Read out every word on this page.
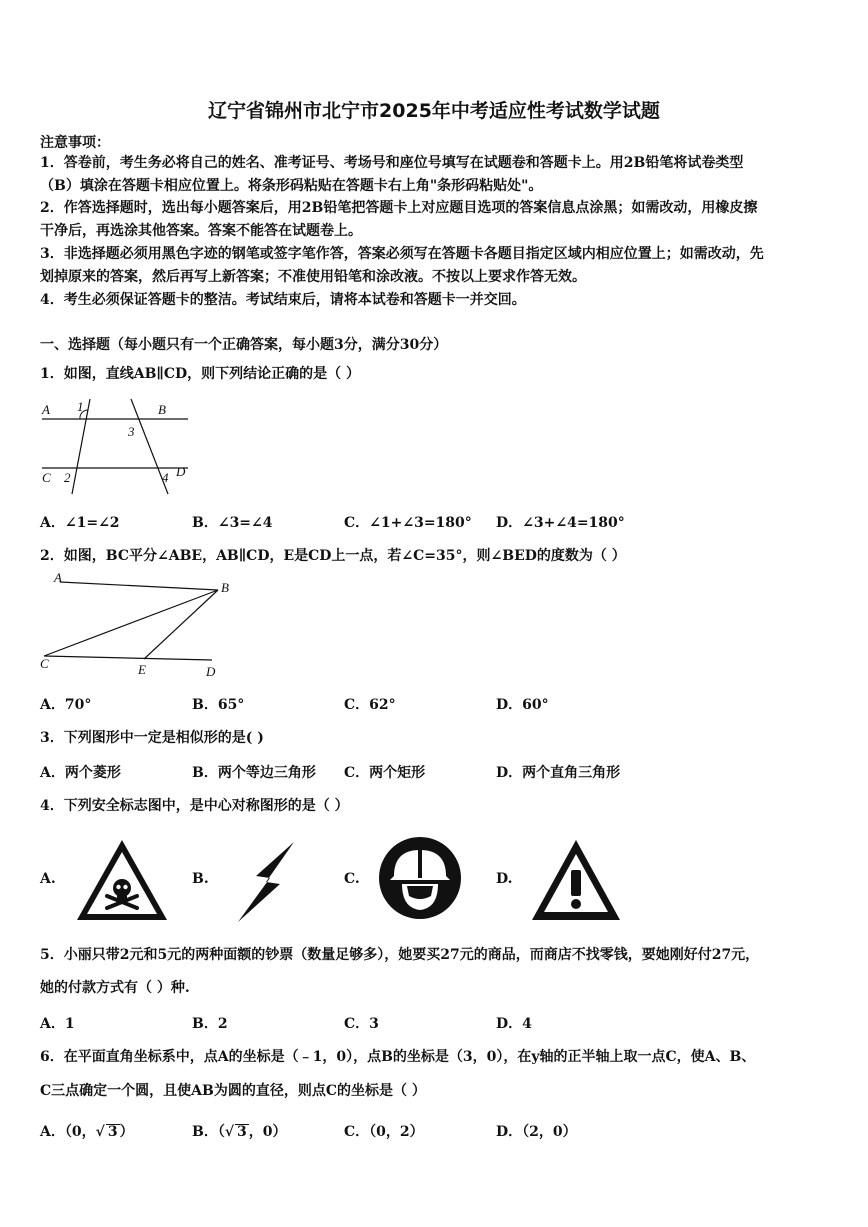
辽宁省锦州市北宁市2025年中考适应性考试数学试题
注意事项：
1．答卷前，考生务必将自己的姓名、准考证号、考场号和座位号填写在试题卷和答题卡上。用2B铅笔将试卷类型
（B）填涂在答题卡相应位置上。将条形码粘贴在答题卡右上角"条形码粘贴处"。
2．作答选择题时，选出每小题答案后，用2B铅笔把答题卡上对应题目选项的答案信息点涂黑；如需改动，用橡皮擦
干净后，再选涂其他答案。答案不能答在试题卷上。
3．非选择题必须用黑色字迹的钢笔或签字笔作答，答案必须写在答题卡各题目指定区域内相应位置上；如需改动，先
划掉原来的答案，然后再写上新答案；不准使用铅笔和涂改液。不按以上要求作答无效。
4．考生必须保证答题卡的整洁。考试结束后，请将本试卷和答题卡一并交回。
一、选择题（每小题只有一个正确答案，每小题3分，满分30分）
1．如图，直线AB∥CD，则下列结论正确的是（ ）
A	B
C	D
1
2
3
4
A．∠1=∠2	B．∠3=∠4	C．∠1+∠3=180° D．∠3+∠4=180°
2．如图，BC平分∠ABE，AB∥CD，E是CD上一点，若∠C=35°，则∠BED的度数为（ ）
A
B
C	E	D
A．70°	B．65°	C．62°	D．60°
3．下列图形中一定是相似形的是( )
A．两个菱形	B．两个等边三角形 C．两个矩形	D．两个直角三角形
4．下列安全标志图中，是中心对称图形的是（ ）
A.	B.	C.	D.
5．小丽只带2元和5元的两种面额的钞票（数量足够多），她要买27元的商品，而商店不找零钱，要她刚好付27元，
她的付款方式有（ ）种.
A．1	B．2	C．3	D．4
6．在平面直角坐标系中，点A的坐标是（﹣1，0），点B的坐标是（3，0），在y轴的正半轴上取一点C，使A、B、
C三点确定一个圆，且使AB为圆的直径，则点C的坐标是（ ）
A．（0，√ 3 ）	B．（√ 3 ，0）	C．（0，2）	D．（2，0）
